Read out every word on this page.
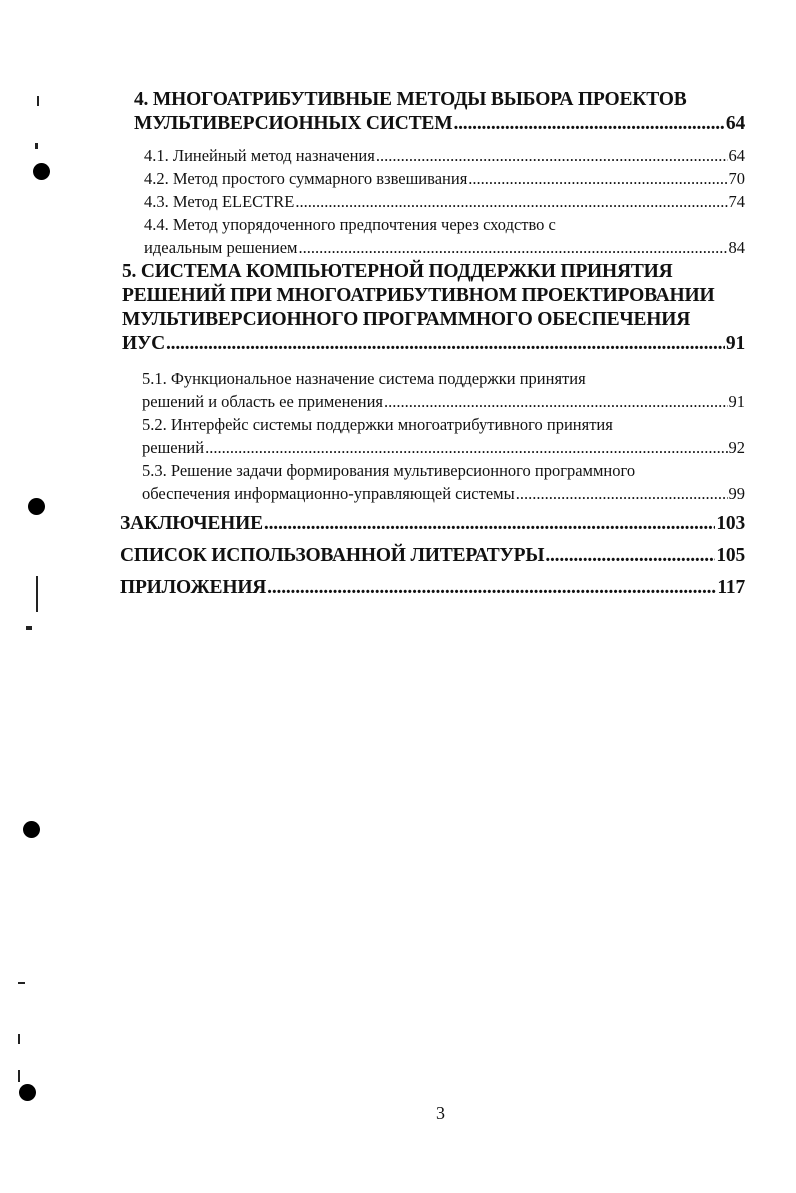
4. МНОГОАТРИБУТИВНЫЕ МЕТОДЫ ВЫБОРА ПРОЕКТОВ
МУЛЬТИВЕРСИОННЫХ СИСТЕМ .....	64
4.1. Линейный метод назначения .....	64
4.2. Метод простого суммарного взвешивания .....	70
4.3. Метод ELECTRE .....	74
4.4. Метод упорядоченного предпочтения через сходство с
идеальным решением .....	84
5. СИСТЕМА КОМПЬЮТЕРНОЙ ПОДДЕРЖКИ ПРИНЯТИЯ
РЕШЕНИЙ ПРИ МНОГОАТРИБУТИВНОМ ПРОЕКТИРОВАНИИ
МУЛЬТИВЕРСИОННОГО ПРОГРАММНОГО ОБЕСПЕЧЕНИЯ
ИУС .....	91
5.1. Функциональное назначение система поддержки принятия
решений и область ее применения .....	91
5.2. Интерфейс системы поддержки многоатрибутивного принятия
решений .....	92
5.3. Решение задачи формирования мультиверсионного программного
обеспечения информационно-управляющей системы .....	99
ЗАКЛЮЧЕНИЕ .....	103
СПИСОК ИСПОЛЬЗОВАННОЙ ЛИТЕРАТУРЫ .....	105
ПРИЛОЖЕНИЯ .....	117
3
